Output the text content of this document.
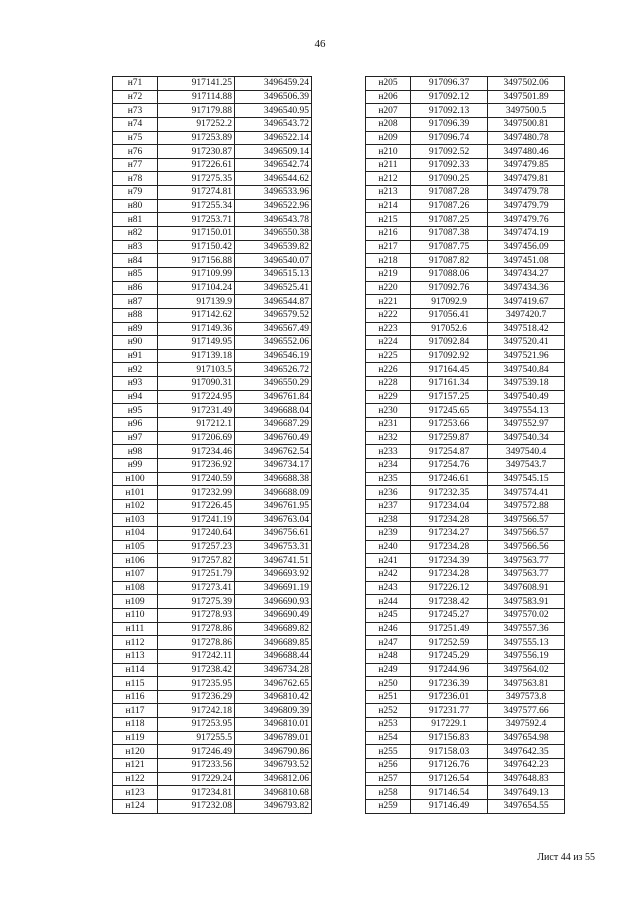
46
н71	917141.25	3496459.24
н72	917114.88	3496506.39
н73	917179.88	3496540.95
н74	917252.2	3496543.72
н75	917253.89	3496522.14
н76	917230.87	3496509.14
н77	917226.61	3496542.74
н78	917275.35	3496544.62
н79	917274.81	3496533.96
н80	917255.34	3496522.96
н81	917253.71	3496543.78
н82	917150.01	3496550.38
н83	917150.42	3496539.82
н84	917156.88	3496540.07
н85	917109.99	3496515.13
н86	917104.24	3496525.41
н87	917139.9	3496544.87
н88	917142.62	3496579.52
н89	917149.36	3496567.49
н90	917149.95	3496552.06
н91	917139.18	3496546.19
н92	917103.5	3496526.72
н93	917090.31	3496550.29
н94	917224.95	3496761.84
н95	917231.49	3496688.04
н96	917212.1	3496687.29
н97	917206.69	3496760.49
н98	917234.46	3496762.54
н99	917236.92	3496734.17
н100	917240.59	3496688.38
н101	917232.99	3496688.09
н102	917226.45	3496761.95
н103	917241.19	3496763.04
н104	917240.64	3496756.61
н105	917257.23	3496753.31
н106	917257.82	3496741.51
н107	917251.79	3496693.92
н108	917273.41	3496691.19
н109	917275.39	3496690.93
н110	917278.93	3496690.49
н111	917278.86	3496689.82
н112	917278.86	3496689.85
н113	917242.11	3496688.44
н114	917238.42	3496734.28
н115	917235.95	3496762.65
н116	917236.29	3496810.42
н117	917242.18	3496809.39
н118	917253.95	3496810.01
н119	917255.5	3496789.01
н120	917246.49	3496790.86
н121	917233.56	3496793.52
н122	917229.24	3496812.06
н123	917234.81	3496810.68
н124	917232.08	3496793.82
н205	917096.37	3497502.06
н206	917092.12	3497501.89
н207	917092.13	3497500.5
н208	917096.39	3497500.81
н209	917096.74	3497480.78
н210	917092.52	3497480.46
н211	917092.33	3497479.85
н212	917090.25	3497479.81
н213	917087.28	3497479.78
н214	917087.26	3497479.79
н215	917087.25	3497479.76
н216	917087.38	3497474.19
н217	917087.75	3497456.09
н218	917087.82	3497451.08
н219	917088.06	3497434.27
н220	917092.76	3497434.36
н221	917092.9	3497419.67
н222	917056.41	3497420.7
н223	917052.6	3497518.42
н224	917092.84	3497520.41
н225	917092.92	3497521.96
н226	917164.45	3497540.84
н228	917161.34	3497539.18
н229	917157.25	3497540.49
н230	917245.65	3497554.13
н231	917253.66	3497552.97
н232	917259.87	3497540.34
н233	917254.87	3497540.4
н234	917254.76	3497543.7
н235	917246.61	3497545.15
н236	917232.35	3497574.41
н237	917234.04	3497572.88
н238	917234.28	3497566.57
н239	917234.27	3497566.57
н240	917234.28	3497566.56
н241	917234.39	3497563.77
н242	917234.28	3497563.77
н243	917226.12	3497608.91
н244	917238.42	3497583.91
н245	917245.27	3497570.02
н246	917251.49	3497557.36
н247	917252.59	3497555.13
н248	917245.29	3497556.19
н249	917244.96	3497564.02
н250	917236.39	3497563.81
н251	917236.01	3497573.8
н252	917231.77	3497577.66
н253	917229.1	3497592.4
н254	917156.83	3497654.98
н255	917158.03	3497642.35
н256	917126.76	3497642.23
н257	917126.54	3497648.83
н258	917146.54	3497649.13
н259	917146.49	3497654.55
Лист 44 из 55
